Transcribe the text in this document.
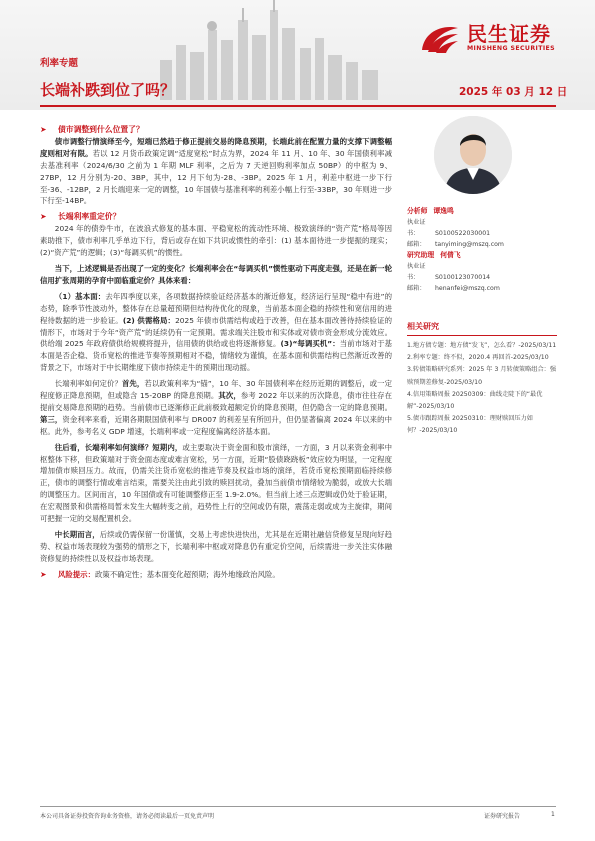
民生证券
MINSHENG SECURITIES
利率专题
长端补跌到位了吗？	2025 年 03 月 12 日

➤ 债市调整到什么位置了？

债市调整行情演绎至今，短端已然趋于修正提前交易的降息预期，长端此前在配置力量的支撑下调整幅度则相对有限。若以 12 月货币政策定调“适度宽松”时点为界，2024 年 11 月、10 年、30 年国债利率减去基准利率（2024/6/30 之前为 1 年期 MLF 利率，之后为 7 天逆回购利率加点 50BP）的中枢为 9、27BP，12 月分别为-20、3BP，其中，12 月下旬为-28、-3BP。2025 年 1 月，利差中枢进一步下行至-36、-12BP，2 月长端迎来一定的调整，10 年国债与基准利率的利差小幅上行至-33BP，30 年则进一步下行至-14BP。

➤ 长端利率重定价？

2024 年的债券牛市，在波浪式修复的基本面、平稳宽松的流动性环境、极致演绎的“资产荒”格局等因素助推下，债市利率几乎单边下行，背后或存在如下共识或惯性的牵引：(1) 基本面待进一步提振的现实；(2)“资产荒”的逻辑；(3)“每調买机”的惯性。

当下，上述逻辑是否出现了一定的变化？长端利率会在“每调买机”惯性驱动下再度走强，还是在新一轮信用扩张周期的孕育中面临重定价？具体来看：

（1）基本面：去年四季度以来，各项数据持续验证经济基本的渐近修复，经济运行呈现“稳中有进”的态势，除季节性波动外，整体存在总量超预期但结构待优化的现象，当前基本面企稳的持续性和宽信用的进程待数据的进一步验证。(2) 供需格局：2025 年债市供需结构或趋于改善，但在基本面改善待持续验证的情形下，市场对于今年“资产荒”的延续仍有一定预期。需求端关注股市和实体或对债市资金形成分流效应。供给端 2025 年政府债供给规模将提升，信用债的供给或也将逐渐修复。(3)“每调买机”：当前市场对于基本面是否企稳、货币宽松的推进节奏等预期相对不稳，情绪较为谨慎，在基本面和供需结构已然渐近改善的背景之下，市场对于中长期维度下债市持续走牛的预期出现动摇。

长端利率如何定价？首先，若以政策利率为“锚”，10 年、30 年国债利率在经历近期的调整后，或一定程度修正降息预期，但或隐含 15-20BP 的降息预期。其次，参考 2022 年以来的历次降息，债市往往存在提前交易降息预期的趋势。当前债市已逐渐修正此前极致超额定价的降息预期，但仍隐含一定的降息预期。第三，资金利率来看，近期各期限国债利率与 DR007 的利差呈有所回升，但仍显著偏离 2024 年以来的中枢。此外，参考名义 GDP 增速，长端利率或一定程度偏离经济基本面。

往后看，长端利率如何演绎？短期内，或主要取决于资金面和股市演绎，一方面，3 月以来资金利率中枢整体下移，但政策端对于资金面态度或难言宽松，另一方面，近期“股债跷跷板”效应较为明显，一定程度增加债市赎回压力。故而，仍需关注货币宽松的推进节奏及权益市场的演绎，若货币宽松预期面临持续修正，债市的调整行情或难言结束，需要关注由此引致的赎回扰动，叠加当前债市情绪较为脆弱，或放大长端的调整压力。区间而言，10 年国债或有可能调整修正至 1.9-2.0%。但当前上述三点逻辑或仍处于验证期，在宏观图景和供需格局暂未发生大幅转变之前，趋势性上行的空间或仍有限，震荡走弱或成为主旋律，期间可把握一定的交易配置机会。

中长期而言，后续或仍需保留一份谨慎，交易上考虑快进快出，尤其是在近期社融信贷修复呈现向好趋势、权益市场表现较为强势的情形之下，长端利率中枢或对降息仍有重定价空间，后续需进一步关注实体融资修复的持续性以及权益市场表现。

➤ 风险提示：政策不确定性；基本面变化超预期；海外地缘政治风险。

分析师 谭逸鸣
执业证书：	S0100522030001
邮箱： tanyiming@mszq.com
研究助理 何倩飞
执业证书：	S0100123070014
邮箱： henanfei@mszq.com
相关研究
1.地方债专题：地方债“发飞”，怎么看？-2025/03/11
2.利率专题：终不似，2020.4 再回首-2025/03/10
3.转债策略研究系列：2025 年 3 月转债策略组合：强赎预期差修复-2025/03/10
4.信用策略周报 20250309：曲线走陡下的“最优解”-2025/03/10
5.债市跟踪周报 20250310：理财赎回压力如何？-2025/03/10
本公司具备证券投资咨询业务资格，请务必阅读最后一页免责声明	证券研究报告	1
